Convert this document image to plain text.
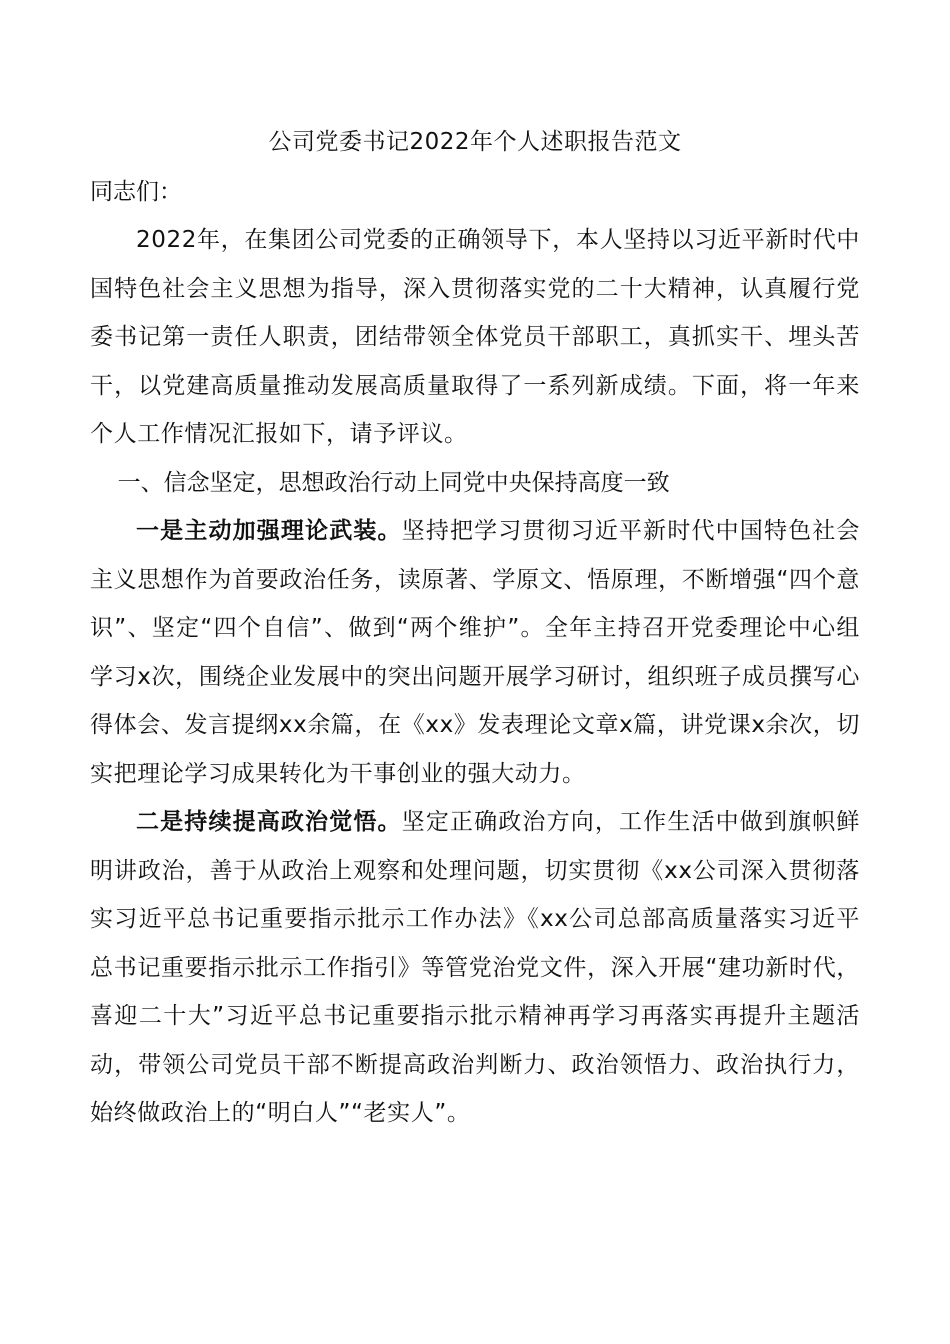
公司党委书记2022年个人述职报告范文

同志们：

2022年，在集团公司党委的正确领导下，本人坚持以习近平新时代中国特色社会主义思想为指导，深入贯彻落实党的二十大精神，认真履行党委书记第一责任人职责，团结带领全体党员干部职工，真抓实干、埋头苦干，以党建高质量推动发展高质量取得了一系列新成绩。下面，将一年来个人工作情况汇报如下，请予评议。

一、信念坚定，思想政治行动上同党中央保持高度一致

一是主动加强理论武装。坚持把学习贯彻习近平新时代中国特色社会主义思想作为首要政治任务，读原著、学原文、悟原理，不断增强“四个意识”、坚定“四个自信”、做到“两个维护”。全年主持召开党委理论中心组学习x次，围绕企业发展中的突出问题开展学习研讨，组织班子成员撰写心得体会、发言提纲xx余篇，在《xx》发表理论文章x篇，讲党课x余次，切实把理论学习成果转化为干事创业的强大动力。

二是持续提高政治觉悟。坚定正确政治方向，工作生活中做到旗帜鲜明讲政治，善于从政治上观察和处理问题，切实贯彻《xx公司深入贯彻落实习近平总书记重要指示批示工作办法》《xx公司总部高质量落实习近平总书记重要指示批示工作指引》等管党治党文件，深入开展“建功新时代，喜迎二十大”习近平总书记重要指示批示精神再学习再落实再提升主题活动，带领公司党员干部不断提高政治判断力、政治领悟力、政治执行力，始终做政治上的“明白人”“老实人”。
